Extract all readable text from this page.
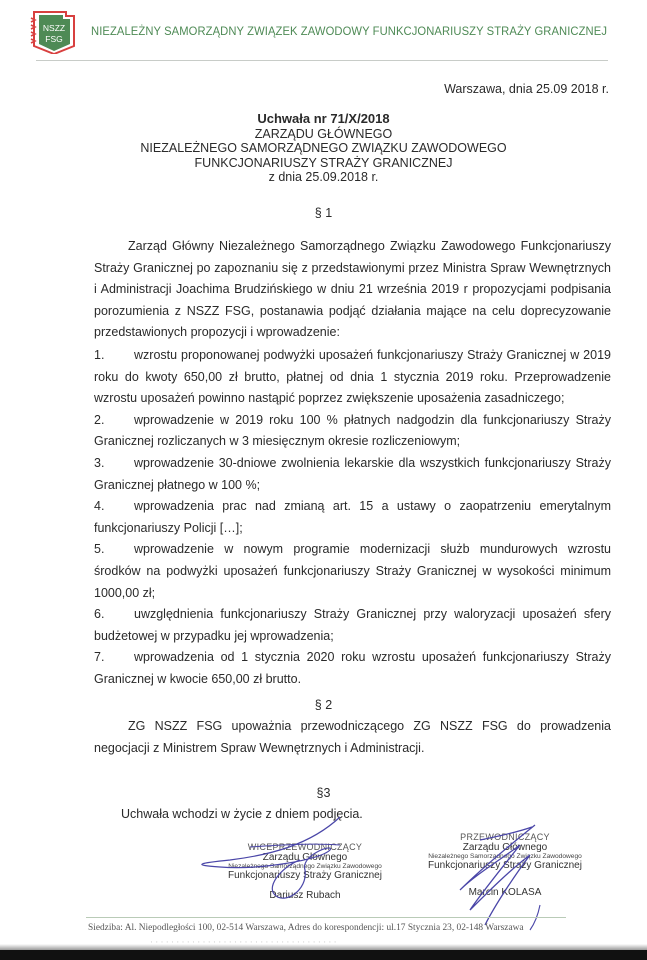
NSZZ
FSG
NIEZALEŻNY SAMORZĄDNY ZWIĄZEK ZAWODOWY FUNKCJONARIUSZY STRAŻY GRANICZNEJ
Warszawa, dnia 25.09 2018 r.
Uchwała nr 71/X/2018
ZARZĄDU GŁÓWNEGO
NIEZALEŻNEGO SAMORZĄDNEGO ZWIĄZKU ZAWODOWEGO
FUNKCJONARIUSZY STRAŻY GRANICZNEJ
z dnia 25.09.2018 r.
§ 1
Zarząd Główny Niezależnego Samorządnego Związku Zawodowego Funkcjonariuszy Straży Granicznej po zapoznaniu się z przedstawionymi przez Ministra Spraw Wewnętrznych i Administracji Joachima Brudzińskiego w dniu 21 września 2019 r propozycjami podpisania porozumienia z NSZZ FSG, postanawia podjąć działania mające na celu doprecyzowanie przedstawionych propozycji i wprowadzenie:
1. wzrostu proponowanej podwyżki uposażeń funkcjonariuszy Straży Granicznej w 2019 roku do kwoty 650,00 zł brutto, płatnej od dnia 1 stycznia 2019 roku. Przeprowadzenie wzrostu uposażeń powinno nastąpić poprzez zwiększenie uposażenia zasadniczego;
2. wprowadzenie w 2019 roku 100 % płatnych nadgodzin dla funkcjonariuszy Straży Granicznej rozliczanych w 3 miesięcznym okresie rozliczeniowym;
3. wprowadzenie 30-dniowe zwolnienia lekarskie dla wszystkich funkcjonariuszy Straży Granicznej płatnego w 100 %;
4. wprowadzenia prac nad zmianą art. 15 a ustawy o zaopatrzeniu emerytalnym funkcjonariuszy Policji […];
5. wprowadzenie w nowym programie modernizacji służb mundurowych wzrostu środków na podwyżki uposażeń funkcjonariuszy Straży Granicznej w wysokości minimum 1000,00 zł;
6. uwzględnienia funkcjonariuszy Straży Granicznej przy waloryzacji uposażeń sfery budżetowej w przypadku jej wprowadzenia;
7. wprowadzenia od 1 stycznia 2020 roku wzrostu uposażeń funkcjonariuszy Straży Granicznej w kwocie 650,00 zł brutto.
§ 2
ZG NSZZ FSG upoważnia przewodniczącego ZG NSZZ FSG do prowadzenia negocjacji z Ministrem Spraw Wewnętrznych i Administracji.
§3
Uchwała wchodzi w życie z dniem podjęcia.
WICEPRZEWODNICZĄCY
Zarządu Głównego
Niezależnego Samorządnego Związku Zawodowego
Funkcjonariuszy Straży Granicznej
Dariusz Rubach
PRZEWODNICZĄCY
Zarządu Głównego
Niezależnego Samorządnego Związku Zawodowego
Funkcjonariuszy Straży Granicznej
Marcin KOLASA
Siedziba: Al. Niepodległości 100, 02-514 Warszawa, Adres do korespondencji: ul.17 Stycznia 23, 02-148 Warszawa
· · · · · · · · · · · · · · · · · · · · · · · · · · · · · · · · · · · ·
